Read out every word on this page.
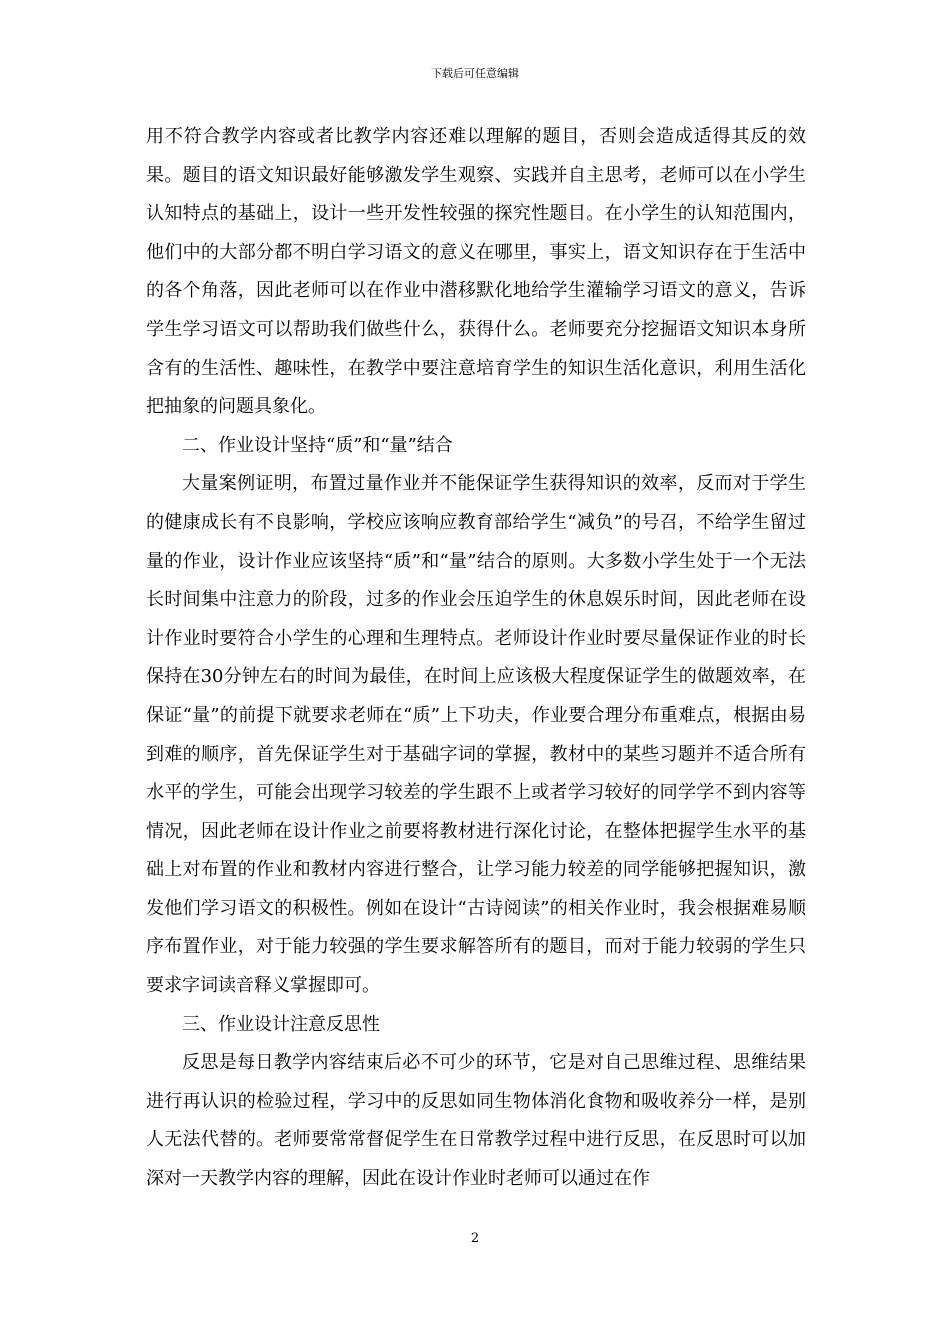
下载后可任意编辑

用不符合教学内容或者比教学内容还难以理解的题目，否则会造成适得其反的效果。题目的语文知识最好能够激发学生观察、实践并自主思考，老师可以在小学生认知特点的基础上，设计一些开发性较强的探究性题目。在小学生的认知范围内，他们中的大部分都不明白学习语文的意义在哪里，事实上，语文知识存在于生活中的各个角落，因此老师可以在作业中潜移默化地给学生灌输学习语文的意义，告诉学生学习语文可以帮助我们做些什么，获得什么。老师要充分挖掘语文知识本身所含有的生活性、趣味性，在教学中要注意培育学生的知识生活化意识，利用生活化把抽象的问题具象化。

二、作业设计坚持“质”和“量”结合

大量案例证明，布置过量作业并不能保证学生获得知识的效率，反而对于学生的健康成长有不良影响，学校应该响应教育部给学生“减负”的号召，不给学生留过量的作业，设计作业应该坚持“质”和“量”结合的原则。大多数小学生处于一个无法长时间集中注意力的阶段，过多的作业会压迫学生的休息娱乐时间，因此老师在设计作业时要符合小学生的心理和生理特点。老师设计作业时要尽量保证作业的时长保持在30分钟左右的时间为最佳，在时间上应该极大程度保证学生的做题效率，在保证“量”的前提下就要求老师在“质”上下功夫，作业要合理分布重难点，根据由易到难的顺序，首先保证学生对于基础字词的掌握，教材中的某些习题并不适合所有水平的学生，可能会出现学习较差的学生跟不上或者学习较好的同学学不到内容等情况，因此老师在设计作业之前要将教材进行深化讨论，在整体把握学生水平的基础上对布置的作业和教材内容进行整合，让学习能力较差的同学能够把握知识，激发他们学习语文的积极性。例如在设计“古诗阅读”的相关作业时，我会根据难易顺序布置作业，对于能力较强的学生要求解答所有的题目，而对于能力较弱的学生只要求字词读音释义掌握即可。

三、作业设计注意反思性

反思是每日教学内容结束后必不可少的环节，它是对自己思维过程、思维结果进行再认识的检验过程，学习中的反思如同生物体消化食物和吸收养分一样，是别人无法代替的。老师要常常督促学生在日常教学过程中进行反思，在反思时可以加深对一天教学内容的理解，因此在设计作业时老师可以通过在作

2
